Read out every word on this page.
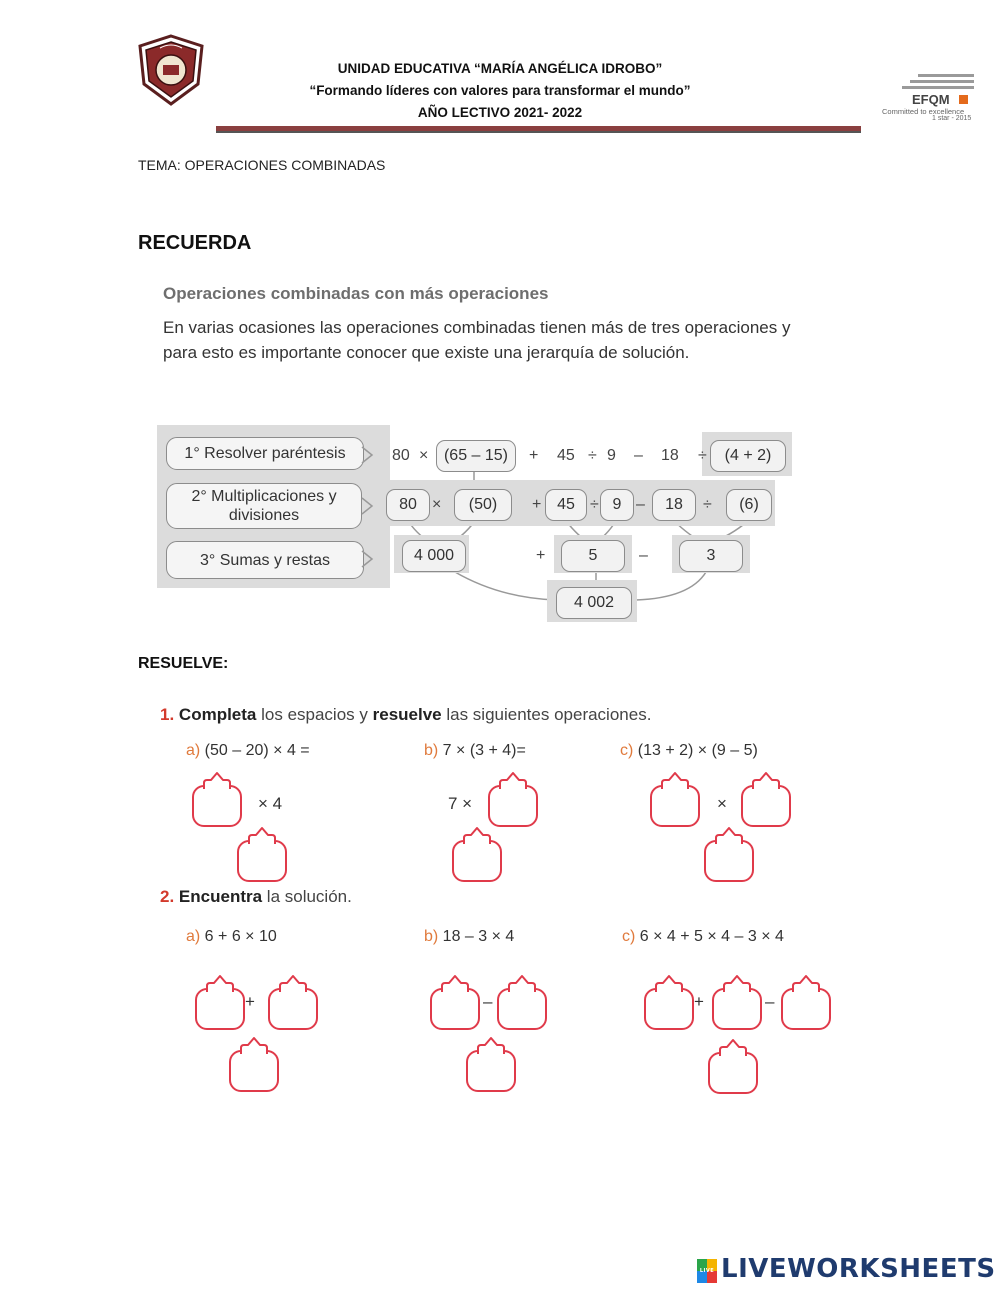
UNIDAD EDUCATIVA “MARÍA ANGÉLICA IDROBO”
“Formando líderes con valores para transformar el mundo”
AÑO LECTIVO 2021- 2022
EFQM
Committed to excellence
1 star - 2015
TEMA: OPERACIONES COMBINADAS
RECUERDA
Operaciones combinadas con más operaciones
En varias ocasiones las operaciones combinadas tienen más de tres operaciones y para esto es importante conocer que existe una jerarquía de solución.
1° Resolver paréntesis
2° Multiplicaciones y divisiones
3° Sumas y restas
80 × (65 – 15)	+ 45 ÷ 9 – 18 ÷	(4 + 2)
80 ×	(50)	+ 45 ÷ 9 –	18	÷	(6)
4 000	+	5	–	3
4 002
RESUELVE:
1. Completa los espacios y resuelve las siguientes operaciones.
a) (50 – 20) × 4 =	b) 7 × (3 + 4)=	c) (13 + 2) × (9 – 5)
× 4	7 ×	×
2. Encuentra la solución.
a) 6 + 6 × 10	b) 18 – 3 × 4	c) 6 × 4 + 5 × 4 – 3 × 4
+	–	+	–
LIVE LIVEWORKSHEETS
